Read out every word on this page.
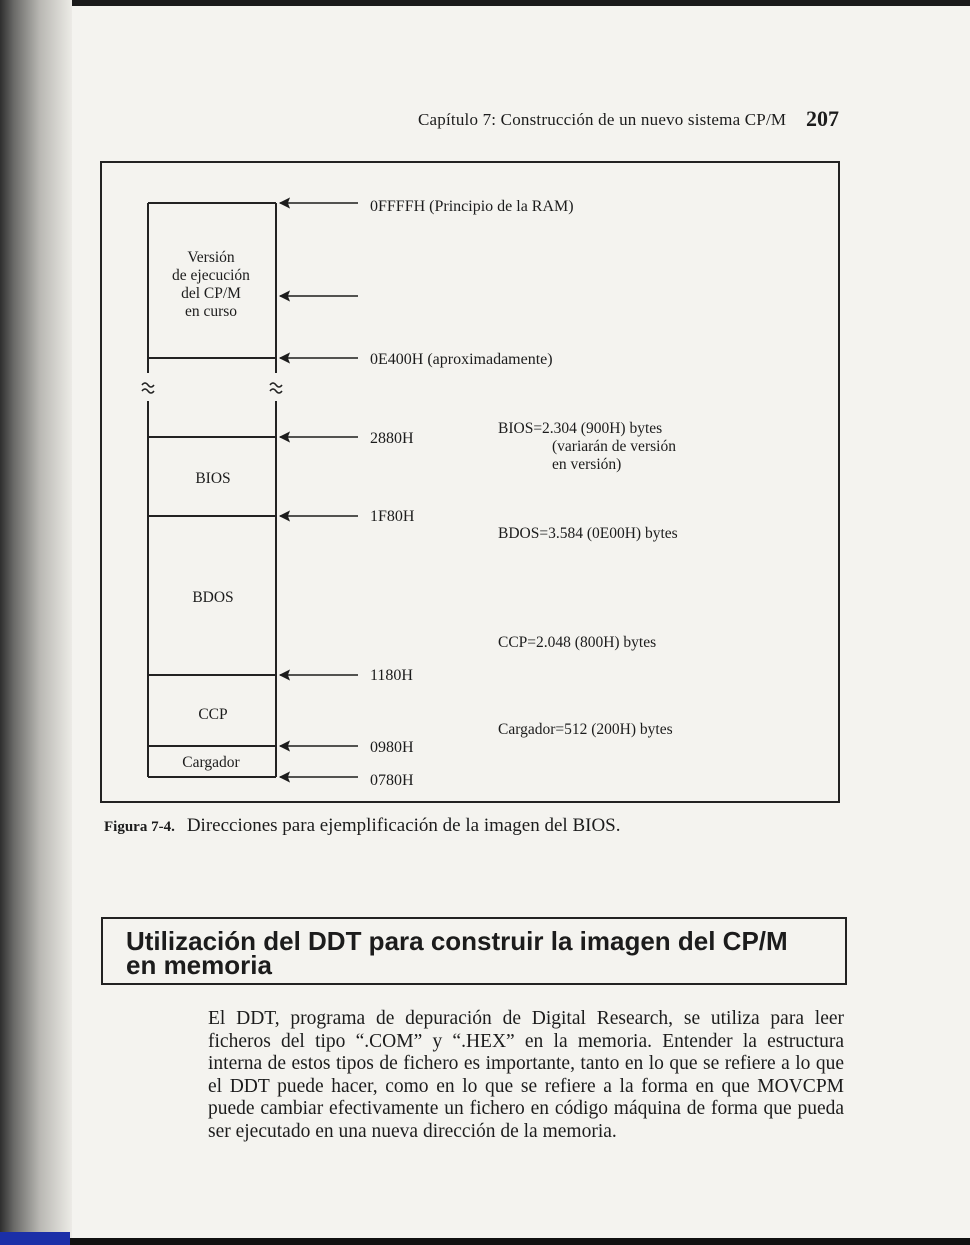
Capítulo 7: Construcción de un nuevo sistema CP/M 207
Versión
de ejecución
del CP/M
en curso
BIOS
BDOS
CCP
Cargador
0FFFFH (Principio de la RAM)
0E400H (aproximadamente)
2880H
1F80H
1180H
0980H
0780H
BIOS=2.304 (900H) bytes
(variarán de versión
en versión)
BDOS=3.584 (0E00H) bytes
CCP=2.048 (800H) bytes
Cargador=512 (200H) bytes
Figura 7-4. Direcciones para ejemplificación de la imagen del BIOS.
Utilización del DDT para construir la imagen del CP/M
en memoria
El DDT, programa de depuración de Digital Research, se utiliza para leer ficheros del tipo “.COM” y “.HEX” en la memoria. Entender la estructura interna de estos tipos de fichero es importante, tanto en lo que se refiere a lo que el DDT puede hacer, como en lo que se refiere a la forma en que MOVCPM puede cambiar efectivamente un fichero en código máquina de forma que pueda ser ejecutado en una nueva dirección de la memoria.
